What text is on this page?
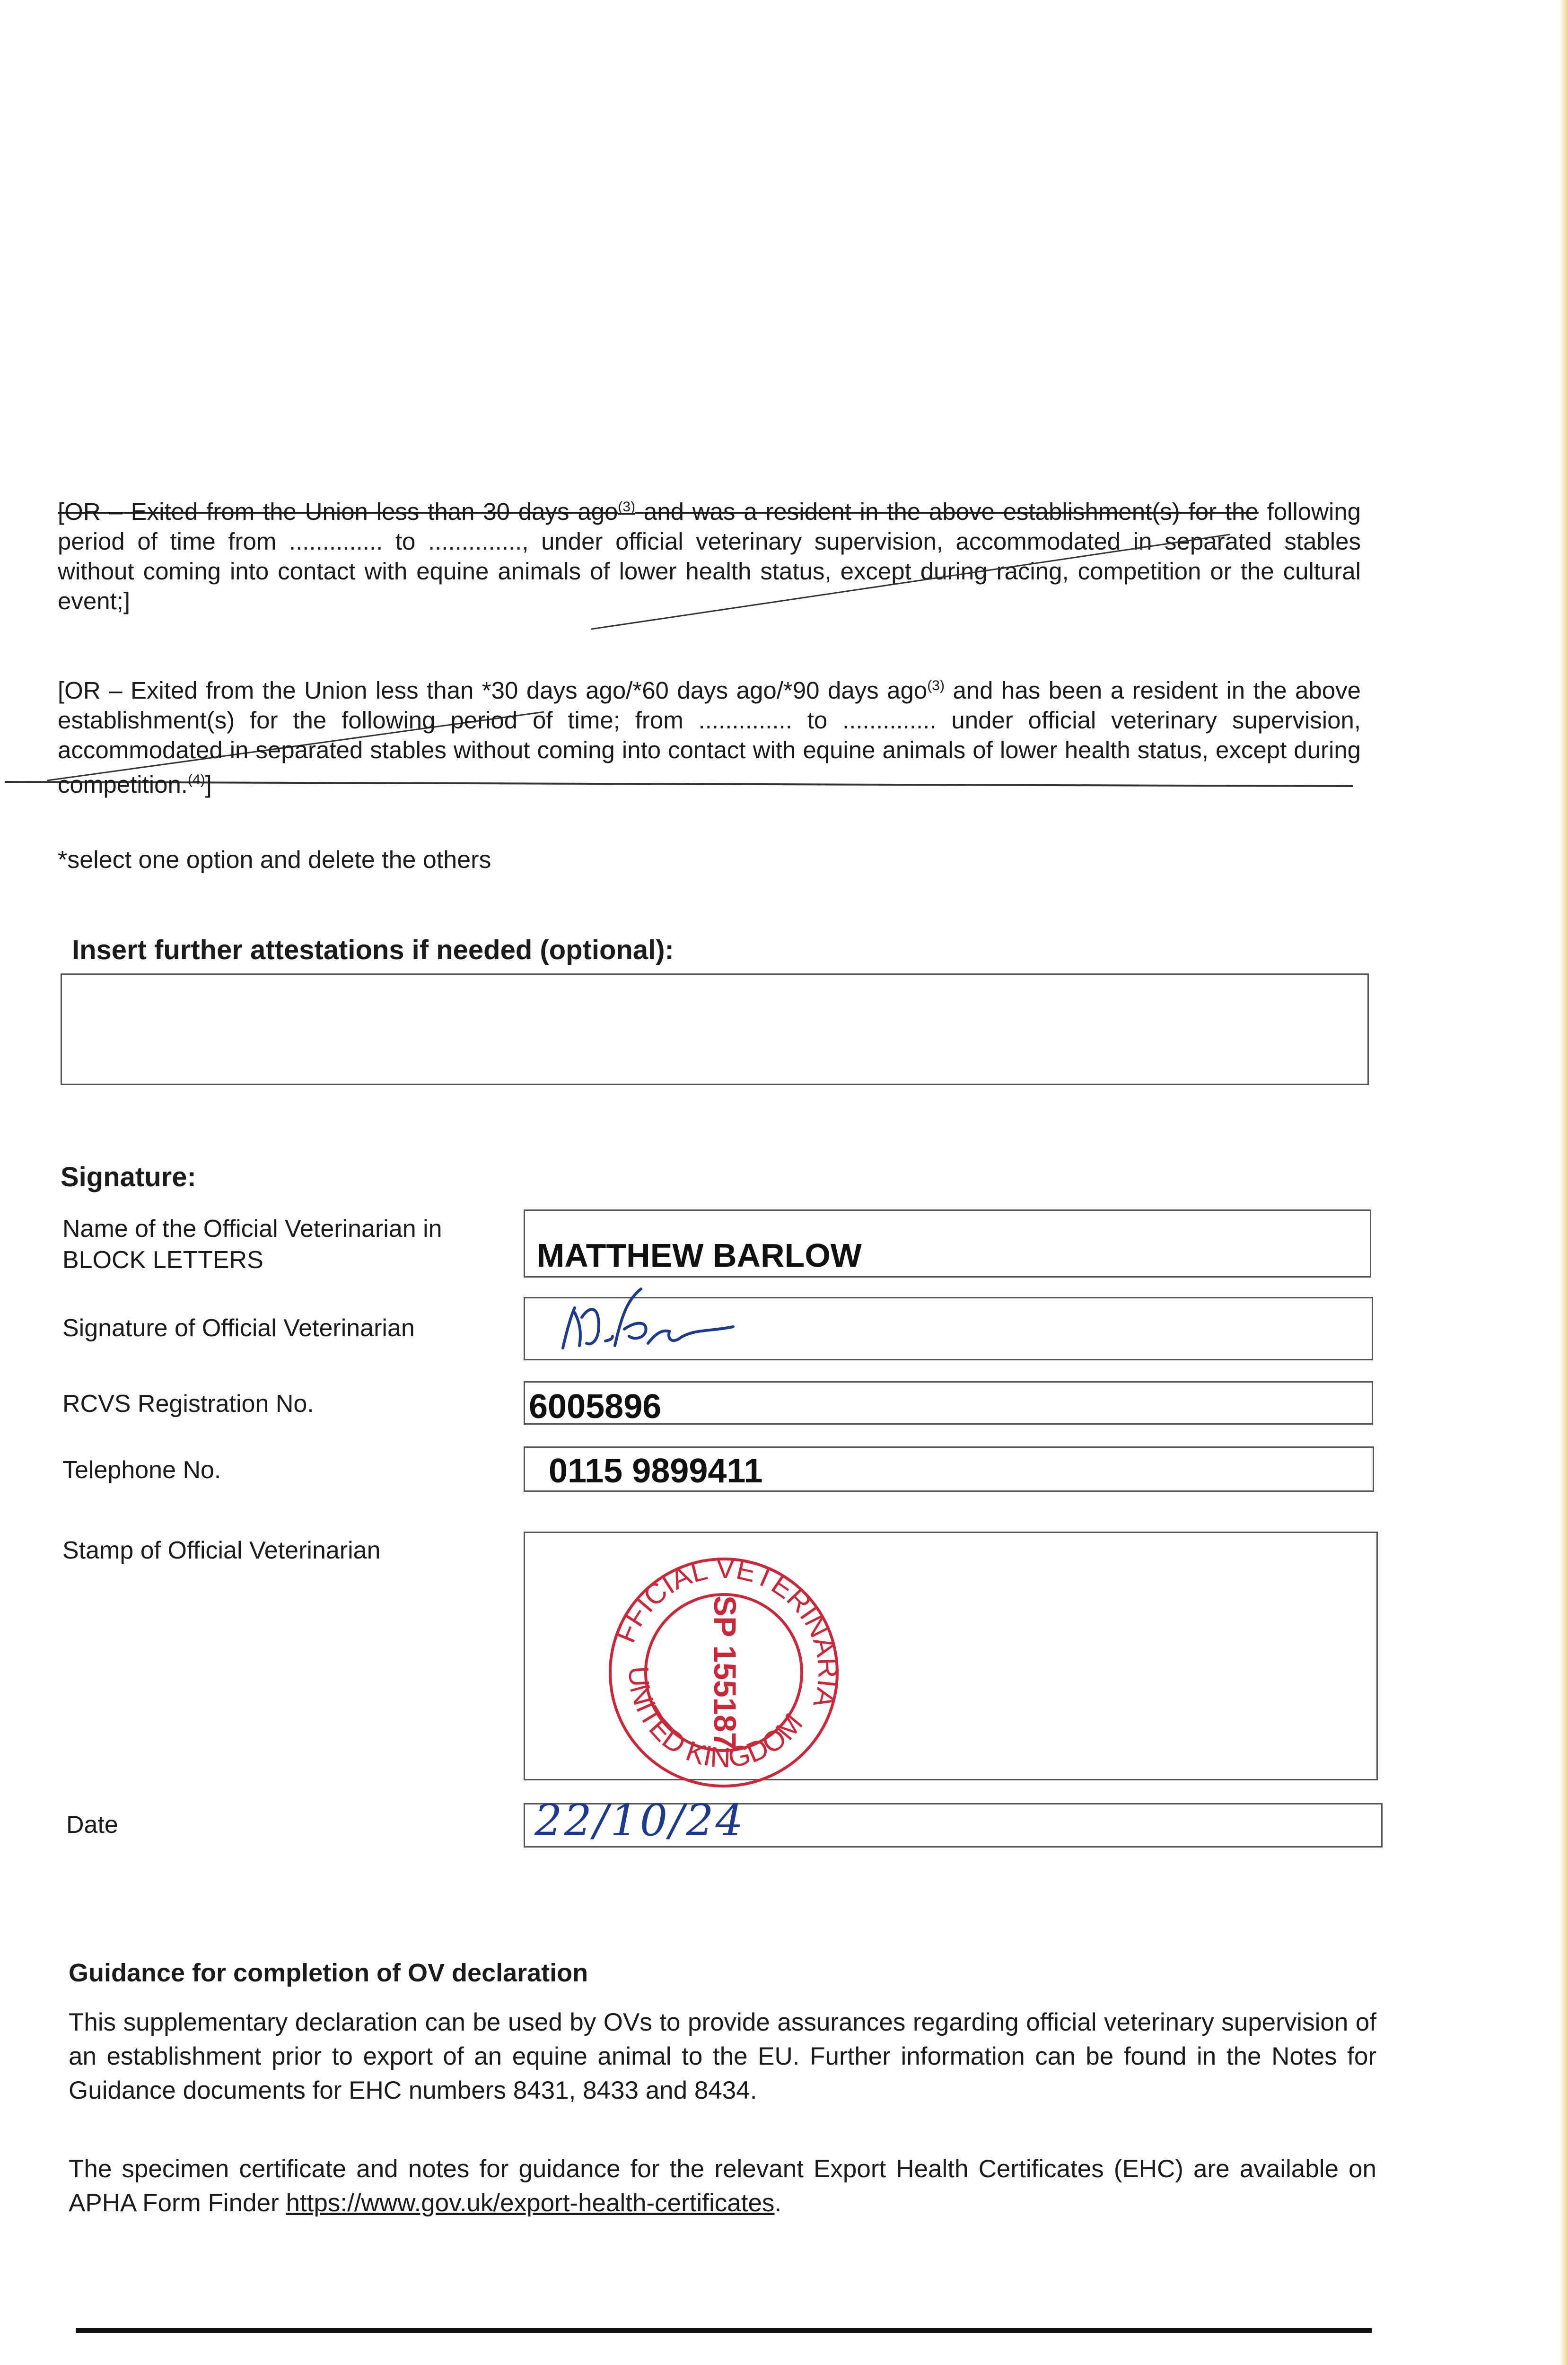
[OR – Exited from the Union less than 30 days ago$^{(3)}$ and was a resident in the above establishment(s) for the following period of time from .............. to .............., under official veterinary supervision, accommodated in separated stables without coming into contact with equine animals of lower health status, except during racing, competition or the cultural event;]
[OR – Exited from the Union less than *30 days ago/*60 days ago/*90 days ago$^{(3)}$ and has been a resident in the above establishment(s) for the following period of time; from .............. to .............. under official veterinary supervision, accommodated in separated stables without coming into contact with equine animals of lower health status, except during competition.$^{(4)}$]
*select one option and delete the others
Insert further attestations if needed (optional):
Signature:
Name of the Official Veterinarian in
BLOCK LETTERS	MATTHEW BARLOW
Signature of Official Veterinarian
RCVS Registration No.	6005896
Telephone No.	0115 9899411
Stamp of Official Veterinarian
OFFICIAL VETERINARIAN
UNITED KINGDOM
SP 155187
Date	22/10/24
Guidance for completion of OV declaration
This supplementary declaration can be used by OVs to provide assurances regarding official veterinary supervision of an establishment prior to export of an equine animal to the EU. Further information can be found in the Notes for Guidance documents for EHC numbers 8431, 8433 and 8434.
The specimen certificate and notes for guidance for the relevant Export Health Certificates (EHC) are available on APHA Form Finder https://www.gov.uk/export-health-certificates.
